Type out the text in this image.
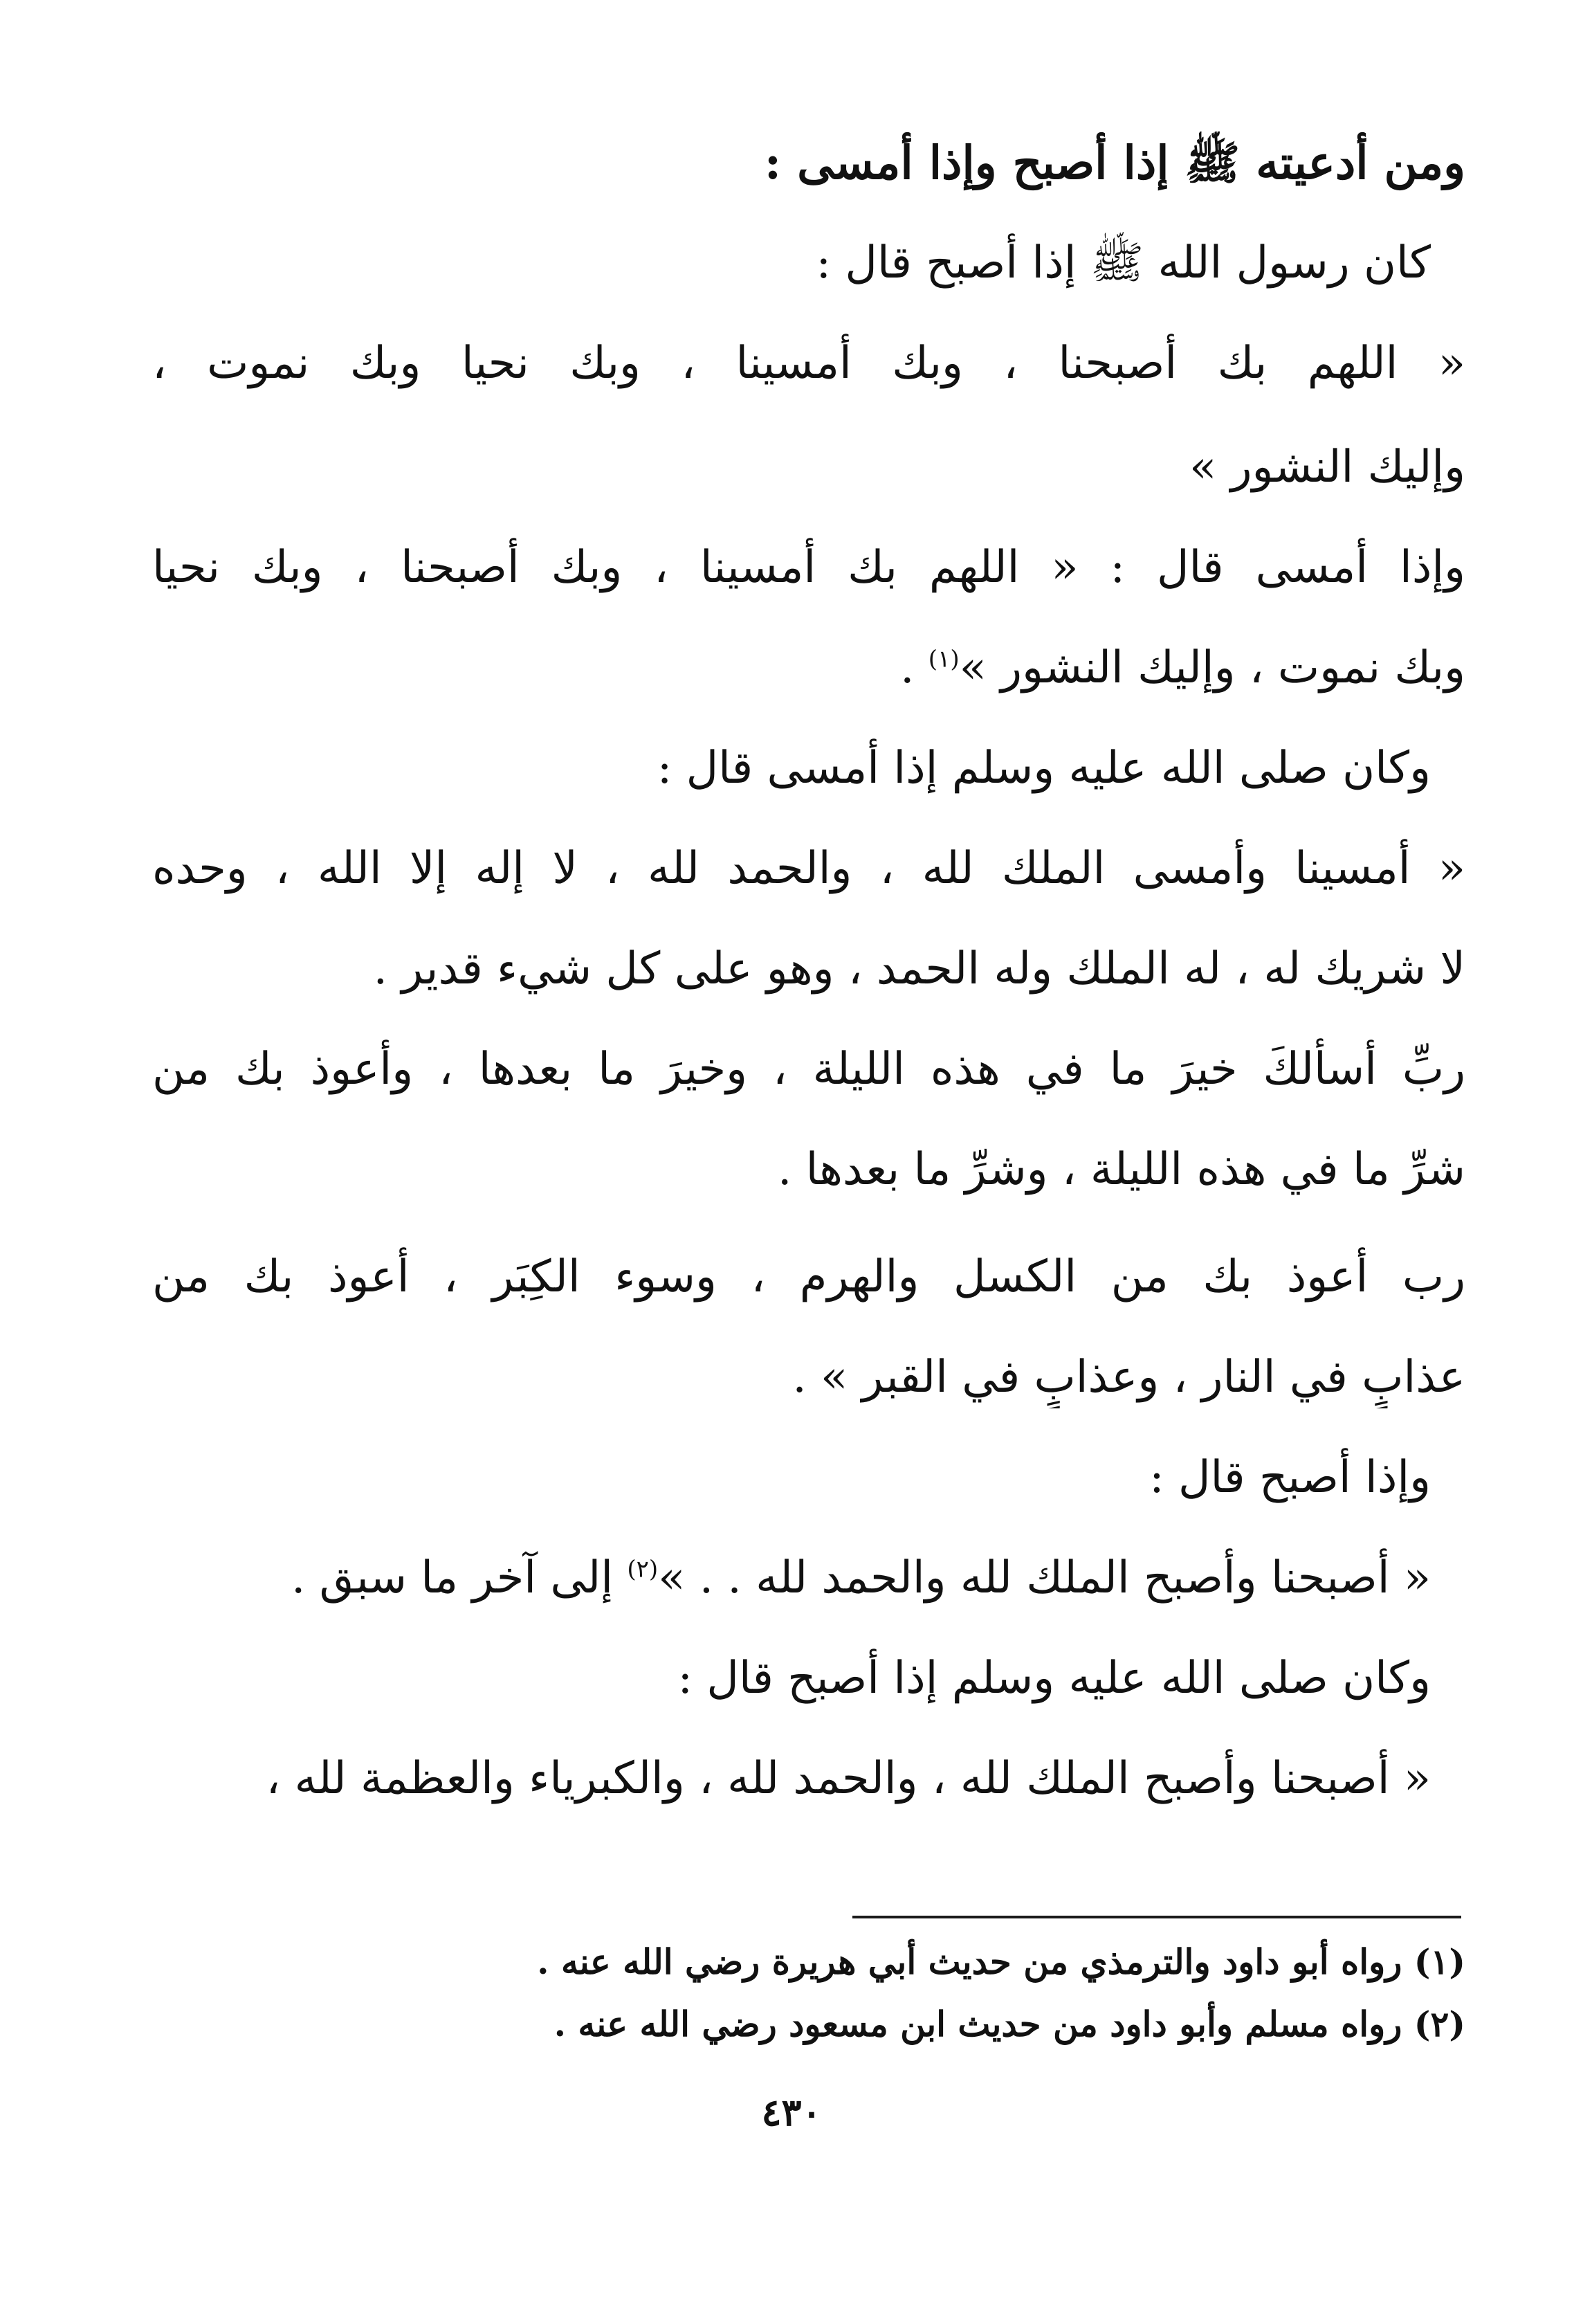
ومن أدعيته ﷺ إذا أصبح وإذا أمسى :
كان رسول الله ﷺ إذا أصبح قال :
« اللهم بك أصبحنا ، وبك أمسينا ، وبك نحيا وبك نموت ،
وإليك النشور »
وإذا أمسى قال : « اللهم بك أمسينا ، وبك أصبحنا ، وبك نحيا
وبك نموت ، وإليك النشور »$^{(١)}$ .
وكان صلى الله عليه وسلم إذا أمسى قال :
« أمسينا وأمسى الملك لله ، والحمد لله ، لا إله إلا الله ، وحده
لا شريك له ، له الملك وله الحمد ، وهو على كل شيء قدير .
ربِّ أسألكَ خيرَ ما في هذه الليلة ، وخيرَ ما بعدها ، وأعوذ بك من
شرِّ ما في هذه الليلة ، وشرِّ ما بعدها .
رب أعوذ بك من الكسل والهرم ، وسوء الكِبَر ، أعوذ بك من
عذابٍ في النار ، وعذابٍ في القبر » .
وإذا أصبح قال :
« أصبحنا وأصبح الملك لله والحمد لله . . »$^{(٢)}$ إلى آخر ما سبق .
وكان صلى الله عليه وسلم إذا أصبح قال :
« أصبحنا وأصبح الملك لله ، والحمد لله ، والكبرياء والعظمة لله ،
(١) رواه أبو داود والترمذي من حديث أبي هريرة رضي الله عنه .
(٢) رواه مسلم وأبو داود من حديث ابن مسعود رضي الله عنه .
٤٣٠
